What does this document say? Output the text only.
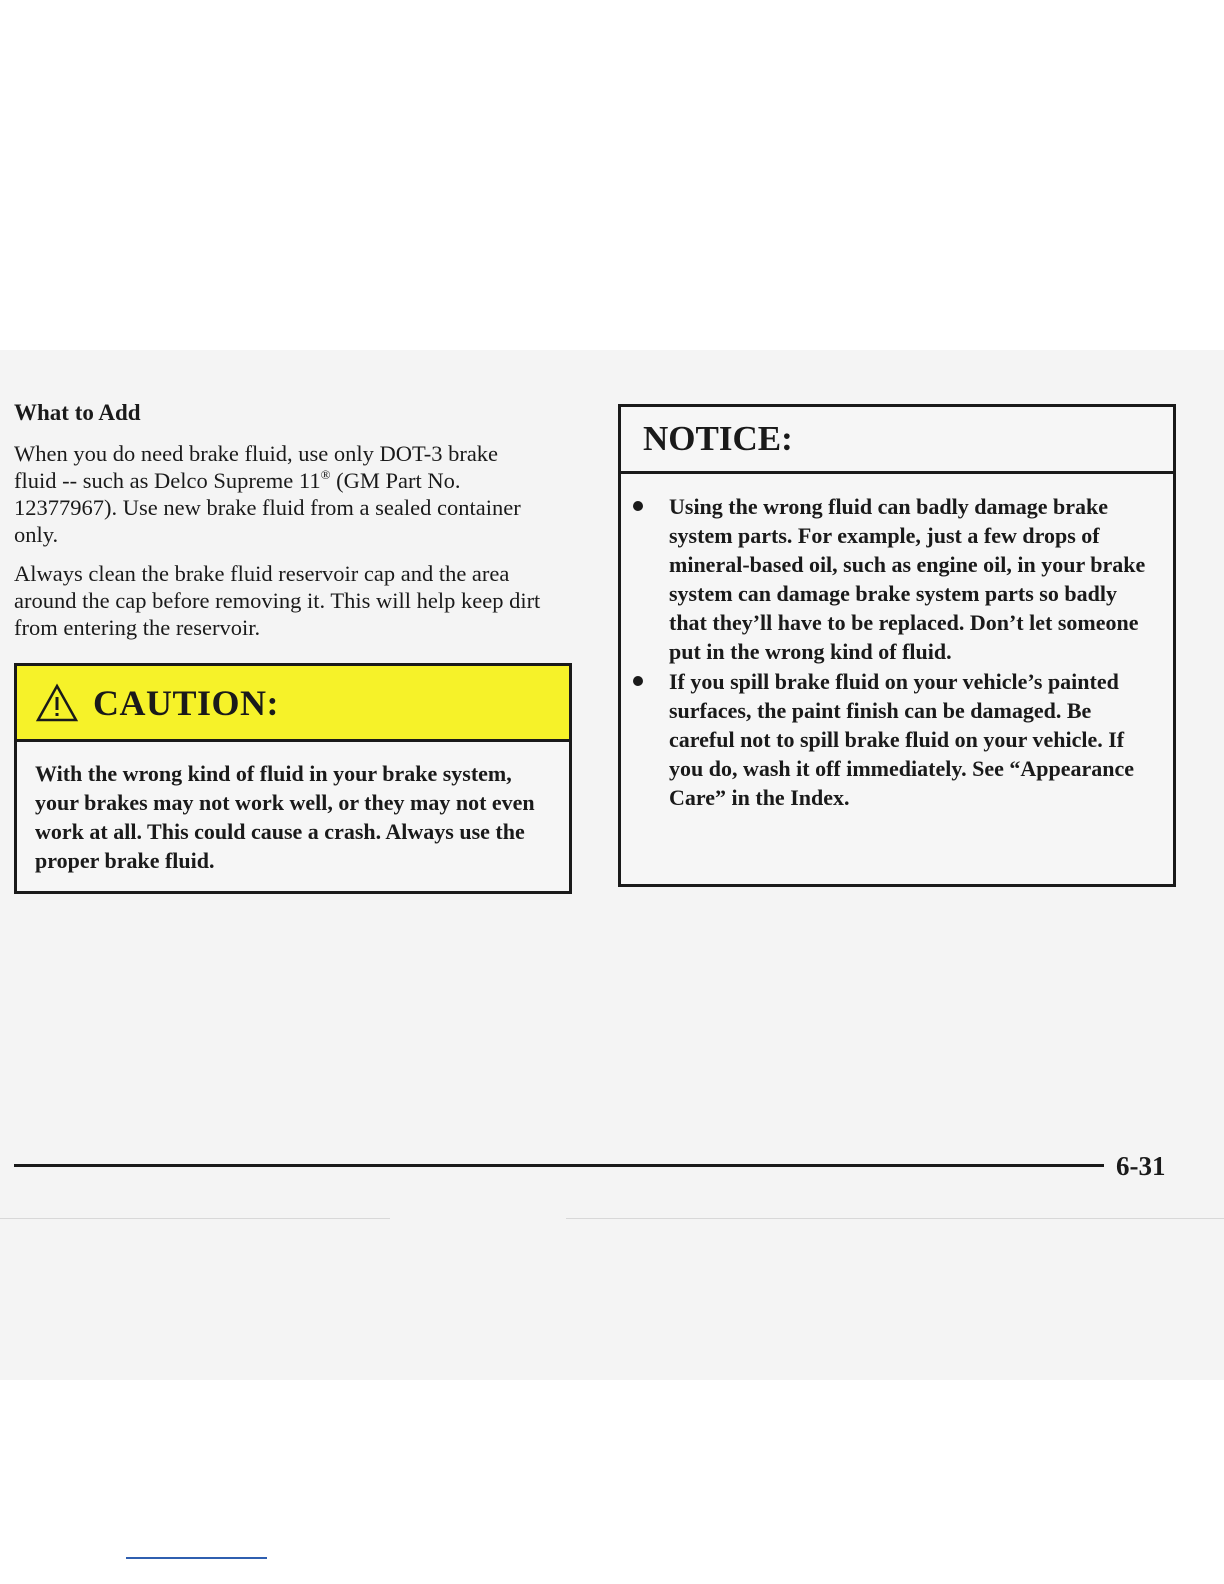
What to Add

When you do need brake fluid, use only DOT-3 brake fluid -- such as Delco Supreme 11® (GM Part No. 12377967). Use new brake fluid from a sealed container only.

Always clean the brake fluid reservoir cap and the area around the cap before removing it. This will help keep dirt from entering the reservoir.

CAUTION:
With the wrong kind of fluid in your brake system, your brakes may not work well, or they may not even work at all. This could cause a crash. Always use the proper brake fluid.
NOTICE:
Using the wrong fluid can badly damage brake system parts. For example, just a few drops of mineral-based oil, such as engine oil, in your brake system can damage brake system parts so badly that they’ll have to be replaced. Don’t let someone put in the wrong kind of fluid.
If you spill brake fluid on your vehicle’s painted surfaces, the paint finish can be damaged. Be careful not to spill brake fluid on your vehicle. If you do, wash it off immediately. See “Appearance Care” in the Index.
6-31
